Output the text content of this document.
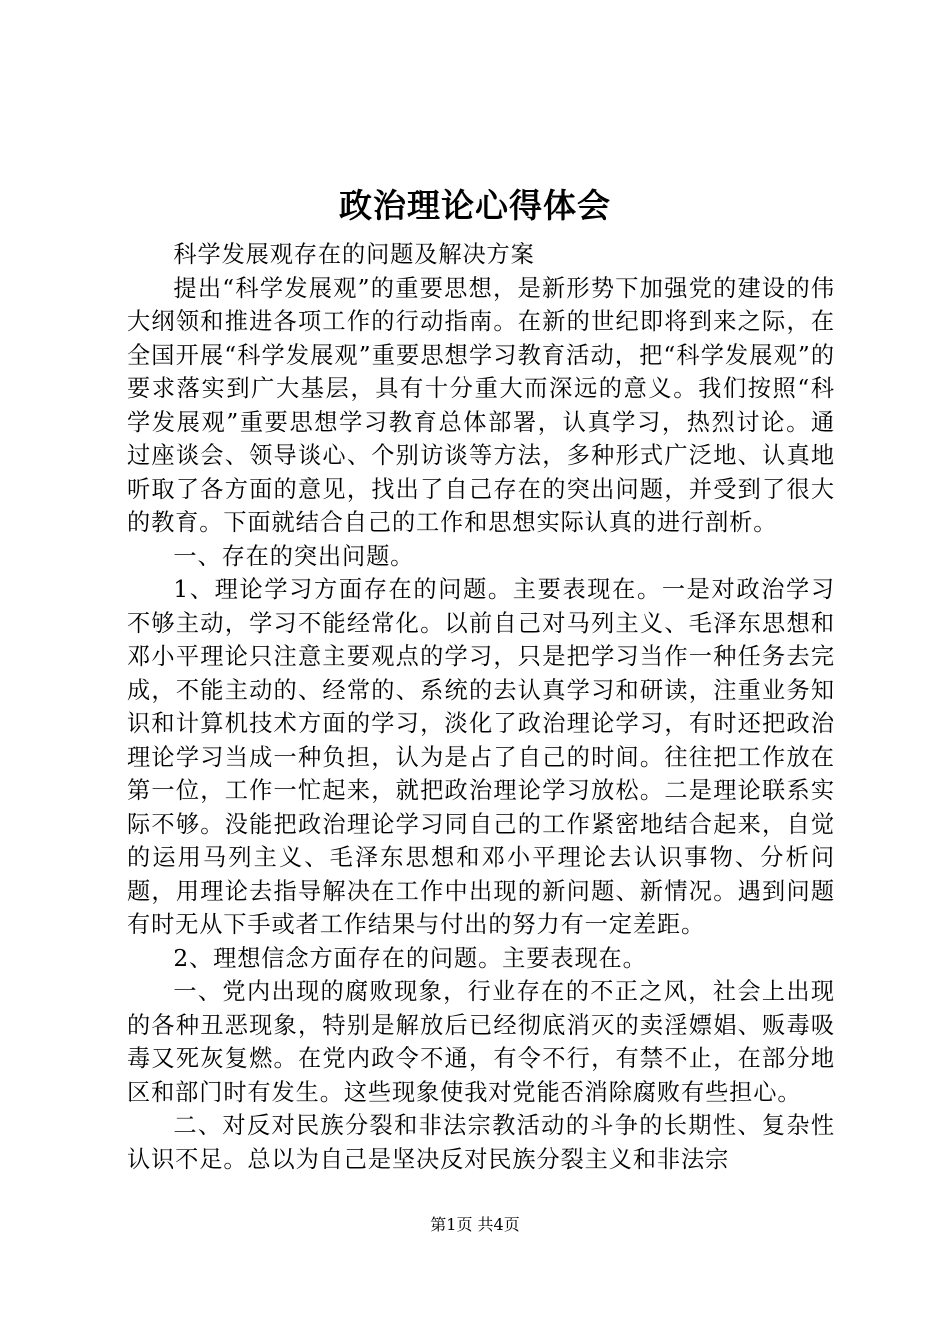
政治理论心得体会

科学发展观存在的问题及解决方案

提出“科学发展观”的重要思想，是新形势下加强党的建设的伟大纲领和推进各项工作的行动指南。在新的世纪即将到来之际，在全国开展“科学发展观”重要思想学习教育活动，把“科学发展观”的要求落实到广大基层，具有十分重大而深远的意义。我们按照“科学发展观”重要思想学习教育总体部署，认真学习，热烈讨论。通过座谈会、领导谈心、个别访谈等方法，多种形式广泛地、认真地听取了各方面的意见，找出了自己存在的突出问题，并受到了很大的教育。下面就结合自己的工作和思想实际认真的进行剖析。

一、存在的突出问题。

1、理论学习方面存在的问题。主要表现在。一是对政治学习不够主动，学习不能经常化。以前自己对马列主义、毛泽东思想和邓小平理论只注意主要观点的学习，只是把学习当作一种任务去完成，不能主动的、经常的、系统的去认真学习和研读，注重业务知识和计算机技术方面的学习，淡化了政治理论学习，有时还把政治理论学习当成一种负担，认为是占了自己的时间。往往把工作放在第一位，工作一忙起来，就把政治理论学习放松。二是理论联系实际不够。没能把政治理论学习同自己的工作紧密地结合起来，自觉的运用马列主义、毛泽东思想和邓小平理论去认识事物、分析问题，用理论去指导解决在工作中出现的新问题、新情况。遇到问题有时无从下手或者工作结果与付出的努力有一定差距。

2、理想信念方面存在的问题。主要表现在。

一、党内出现的腐败现象，行业存在的不正之风，社会上出现的各种丑恶现象，特别是解放后已经彻底消灭的卖淫嫖娼、贩毒吸毒又死灰复燃。在党内政令不通，有令不行，有禁不止，在部分地区和部门时有发生。这些现象使我对党能否消除腐败有些担心。

二、对反对民族分裂和非法宗教活动的斗争的长期性、复杂性认识不足。总以为自己是坚决反对民族分裂主义和非法宗

第1页 共4页
